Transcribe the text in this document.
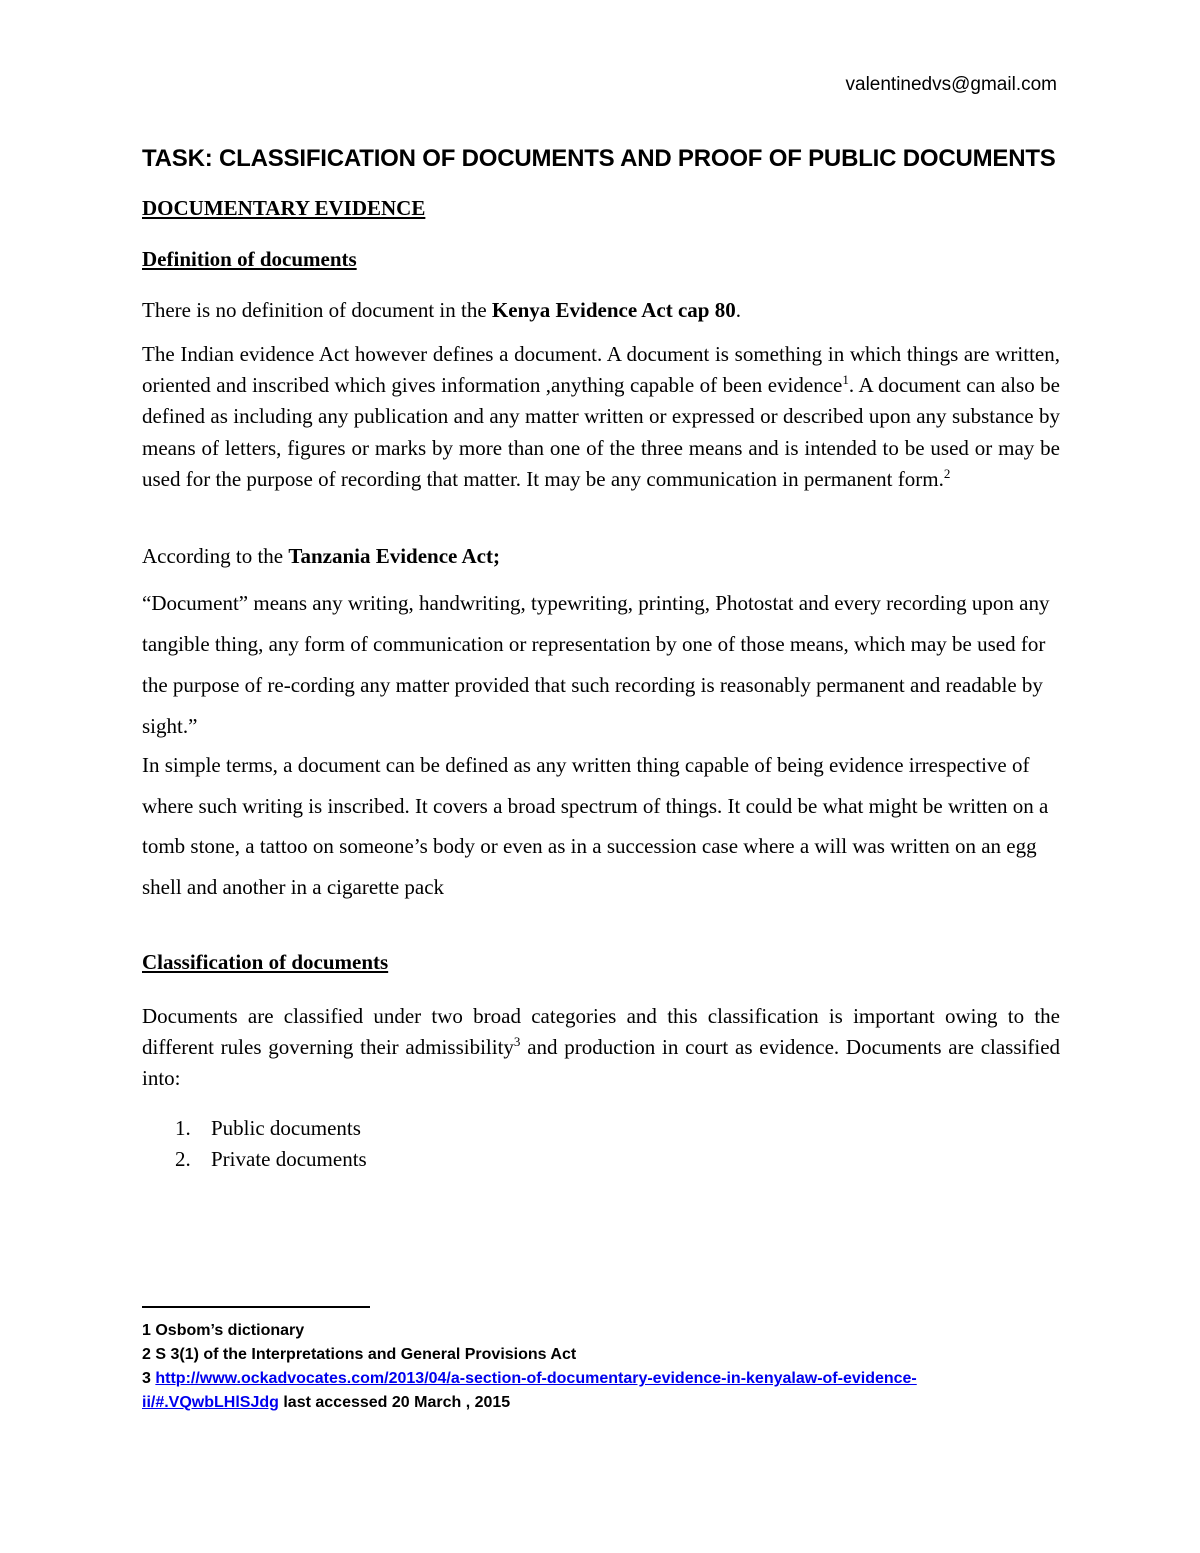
valentinedvs@gmail.com
TASK: CLASSIFICATION OF DOCUMENTS AND PROOF OF PUBLIC DOCUMENTS
DOCUMENTARY EVIDENCE
Definition of documents

There is no definition of document in the Kenya Evidence Act cap 80.

The Indian evidence Act however defines a document. A document is something in which things are written, oriented and inscribed which gives information ,anything capable of been evidence$^1$. A document can also be defined as including any publication and any matter written or expressed or described upon any substance by means of letters, figures or marks by more than one of the three means and is intended to be used or may be used for the purpose of recording that matter. It may be any communication in permanent form.$^2$

According to the Tanzania Evidence Act;

“Document” means any writing, handwriting, typewriting, printing, Photostat and every recording upon any tangible thing, any form of communication or representation by one of those means, which may be used for the purpose of re-cording any matter provided that such recording is reasonably permanent and readable by sight.”

In simple terms, a document can be defined as any written thing capable of being evidence irrespective of where such writing is inscribed. It covers a broad spectrum of things. It could be what might be written on a tomb stone, a tattoo on someone’s body or even as in a succession case where a will was written on an egg shell and another in a cigarette pack

Classification of documents

Documents are classified under two broad categories and this classification is important owing to the different rules governing their admissibility$^3$ and production in court as evidence. Documents are classified into:

1. Public documents
2. Private documents

1 Osbom’s dictionary

2 S 3(1) of the Interpretations and General Provisions Act

3 http://www.ockadvocates.com/2013/04/a-section-of-documentary-evidence-in-kenyalaw-of-evidence-ii/#.VQwbLHlSJdg last accessed 20 March , 2015
